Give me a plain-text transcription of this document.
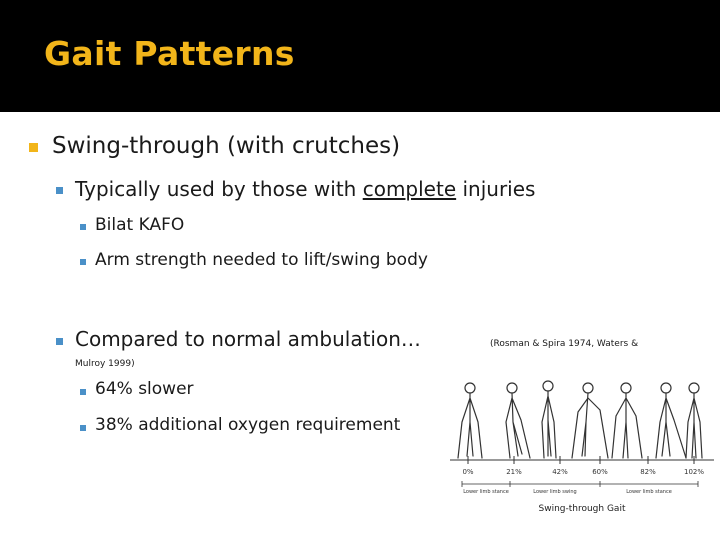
Gait Patterns
Swing-through (with crutches)
Typically used by those with complete injuries
Bilat KAFO
Arm strength needed to lift/swing body
Compared to normal ambulation…	(Rosman & Spira 1974, Waters &
Mulroy 1999)
64% slower
38% additional oxygen requirement
0%	21%	42%	60%	82%	102%
Lower limb stance	Lower limb swing	Lower limb stance
Swing-through Gait
